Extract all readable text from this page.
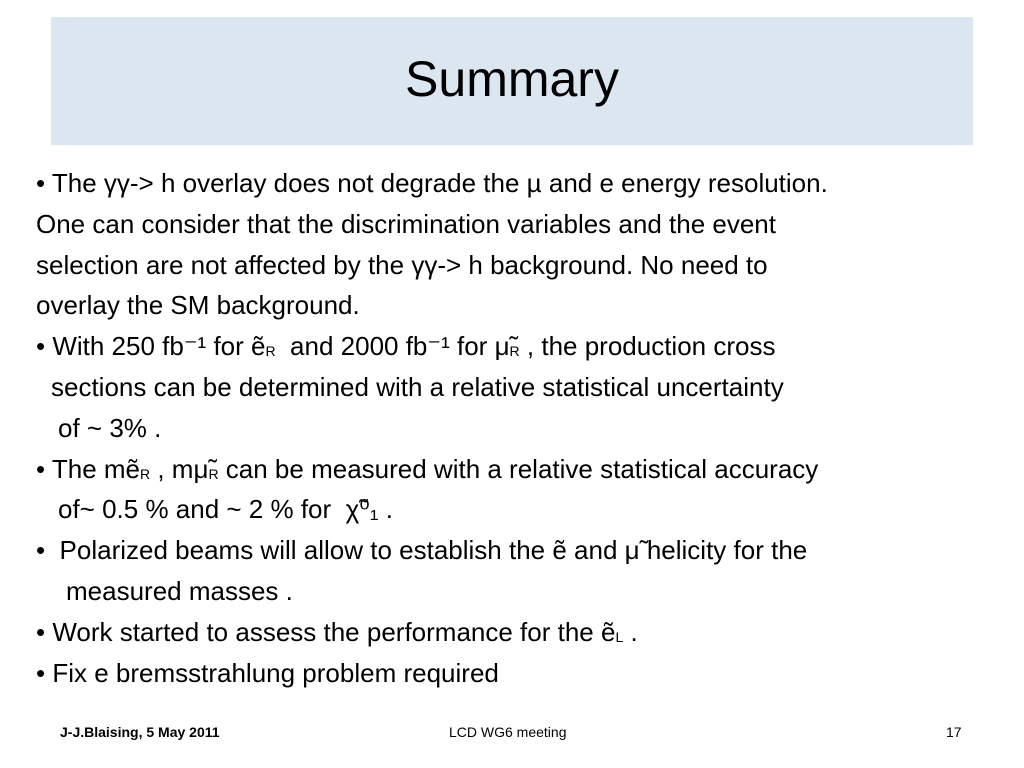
Summary
• The γγ-> h overlay does not degrade the µ and e energy resolution.
One can consider that the discrimination variables and the event
selection are not affected by the γγ-> h background. No need to
overlay the SM background.
• With 250 fb⁻¹ for ẽR  and 2000 fb⁻¹ for μ̃R , the production cross
sections can be determined with a relative statistical uncertainty
of ~ 3% .
• The mẽR , mμ̃R can be measured with a relative statistical accuracy
of~ 0.5 % and ~ 2 % for  χ̃⁰₁ .
•  Polarized beams will allow to establish the ẽ and μ̃ helicity for the
measured masses .
• Work started to assess the performance for the ẽL .
• Fix e bremsstrahlung problem required
J-J.Blaising, 5 May 2011	LCD WG6 meeting	17
